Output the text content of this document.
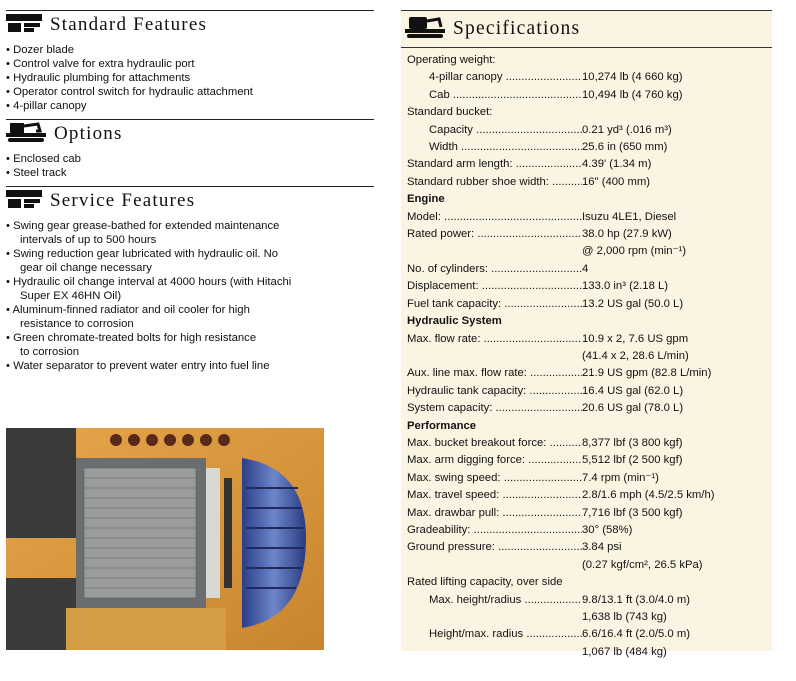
Standard Features
• Dozer blade
• Control valve for extra hydraulic port
• Hydraulic plumbing for attachments
• Operator control switch for hydraulic attachment
• 4-pillar canopy
Options
• Enclosed cab
• Steel track
Service Features
• Swing gear grease-bathed for extended maintenance
intervals of up to 500 hours
• Swing reduction gear lubricated with hydraulic oil. No
gear oil change necessary
• Hydraulic oil change interval at 4000 hours (with Hitachi
Super EX 46HN Oil)
• Aluminum-finned radiator and oil cooler for high
resistance to corrosion
• Green chromate-treated bolts for high resistance
to corrosion
• Water separator to prevent water entry into fuel line
Specifications
Operating weight:
4-pillar canopy .....	10,274 lb (4 660 kg)
Cab .....	10,494 lb (4 760 kg)
Standard bucket:
Capacity .....	0.21 yd³ (.016 m³)
Width .....	25.6 in (650 mm)
Standard arm length: .....	4.39' (1.34 m)
Standard rubber shoe width: .....	16" (400 mm)
Engine
Model: .....	Isuzu 4LE1, Diesel
Rated power: .....	38.0 hp (27.9 kW)
@ 2,000 rpm (min⁻¹)
No. of cylinders: .....	4
Displacement: .....	133.0 in³ (2.18 L)
Fuel tank capacity: .....	13.2 US gal (50.0 L)
Hydraulic System
Max. flow rate: .....	10.9 x 2, 7.6 US gpm
(41.4 x 2, 28.6 L/min)
Aux. line max. flow rate: .....	21.9 US gpm (82.8 L/min)
Hydraulic tank capacity: .....	16.4 US gal (62.0 L)
System capacity: .....	20.6 US gal (78.0 L)
Performance
Max. bucket breakout force: .....	8,377 lbf (3 800 kgf)
Max. arm digging force: .....	5,512 lbf (2 500 kgf)
Max. swing speed: .....	7.4 rpm (min⁻¹)
Max. travel speed: .....	2.8/1.6 mph (4.5/2.5 km/h)
Max. drawbar pull: .....	7,716 lbf (3 500 kgf)
Gradeability: .....	30° (58%)
Ground pressure: .....	3.84 psi
(0.27 kgf/cm², 26.5 kPa)
Rated lifting capacity, over side
Max. height/radius .....	9.8/13.1 ft (3.0/4.0 m)
1,638 lb (743 kg)
Height/max. radius .....	6.6/16.4 ft (2.0/5.0 m)
1,067 lb (484 kg)
